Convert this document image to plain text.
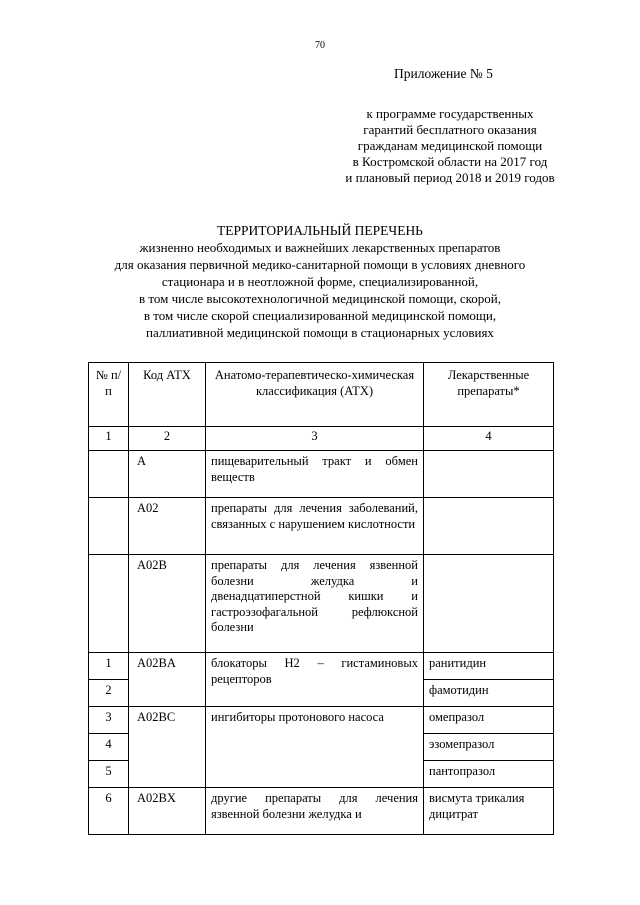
70
Приложение № 5
к программе государственных
гарантий бесплатного оказания
гражданам медицинской помощи
в Костромской области на 2017 год
и плановый период 2018 и 2019 годов
ТЕРРИТОРИАЛЬНЫЙ ПЕРЕЧЕНЬ
жизненно необходимых и важнейших лекарственных препаратов
для оказания первичной медико-санитарной помощи в условиях дневного
стационара и в неотложной форме, специализированной,
в том числе высокотехнологичной медицинской помощи, скорой,
в том числе скорой специализированной медицинской помощи,
паллиативной медицинской помощи в стационарных условиях
№ п/п	Код АТХ	Анатомо-терапевтическо-химическая классификация (АТХ)	Лекарственные препараты*
1	2	3	4
	A	пищеварительный тракт и обмен веществ	
	A02	препараты для лечения заболеваний, связанных с нарушением кислотности	
	A02B	препараты для лечения язвенной болезни желудка и двенадцатиперстной кишки и гастроэзофагальной рефлюксной болезни	
1	A02BA	блокаторы H2 – гистаминовых рецепторов	ранитидин
2			фамотидин
3	A02BC	ингибиторы протонового насоса	омепразол
4			эзомепразол
5			пантопразол
6	A02BX	другие препараты для лечения язвенной болезни желудка и	висмута трикалия дицитрат
